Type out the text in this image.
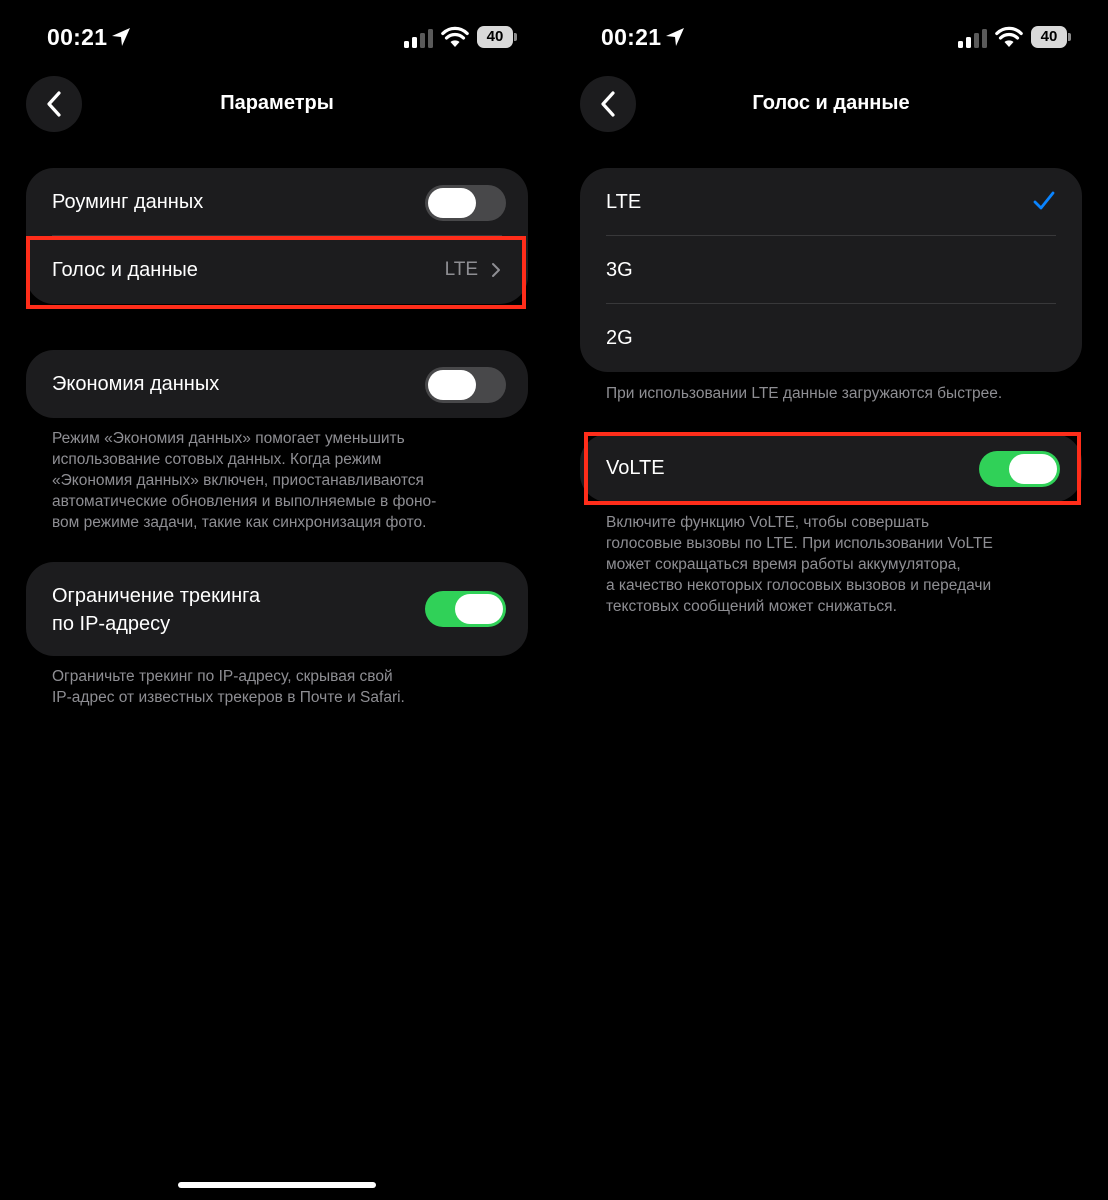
00:21	40
Параметры
Роуминг данных
Голос и данные	LTE
Экономия данных
Режим «Экономия данных» помогает уменьшить
использование сотовых данных. Когда режим
«Экономия данных» включен, приостанавливаются
автоматические обновления и выполняемые в фоно-
вом режиме задачи, такие как синхронизация фото.
Ограничение трекинга
по IP-адресу
Ограничьте трекинг по IP-адресу, скрывая свой
IP-адрес от известных трекеров в Почте и Safari.
00:21	40
Голос и данные
LTE
3G
2G
При использовании LTE данные загружаются быстрее.
VoLTE
Включите функцию VoLTE, чтобы совершать
голосовые вызовы по LTE. При использовании VoLTE
может сокращаться время работы аккумулятора,
а качество некоторых голосовых вызовов и передачи
текстовых сообщений может снижаться.
